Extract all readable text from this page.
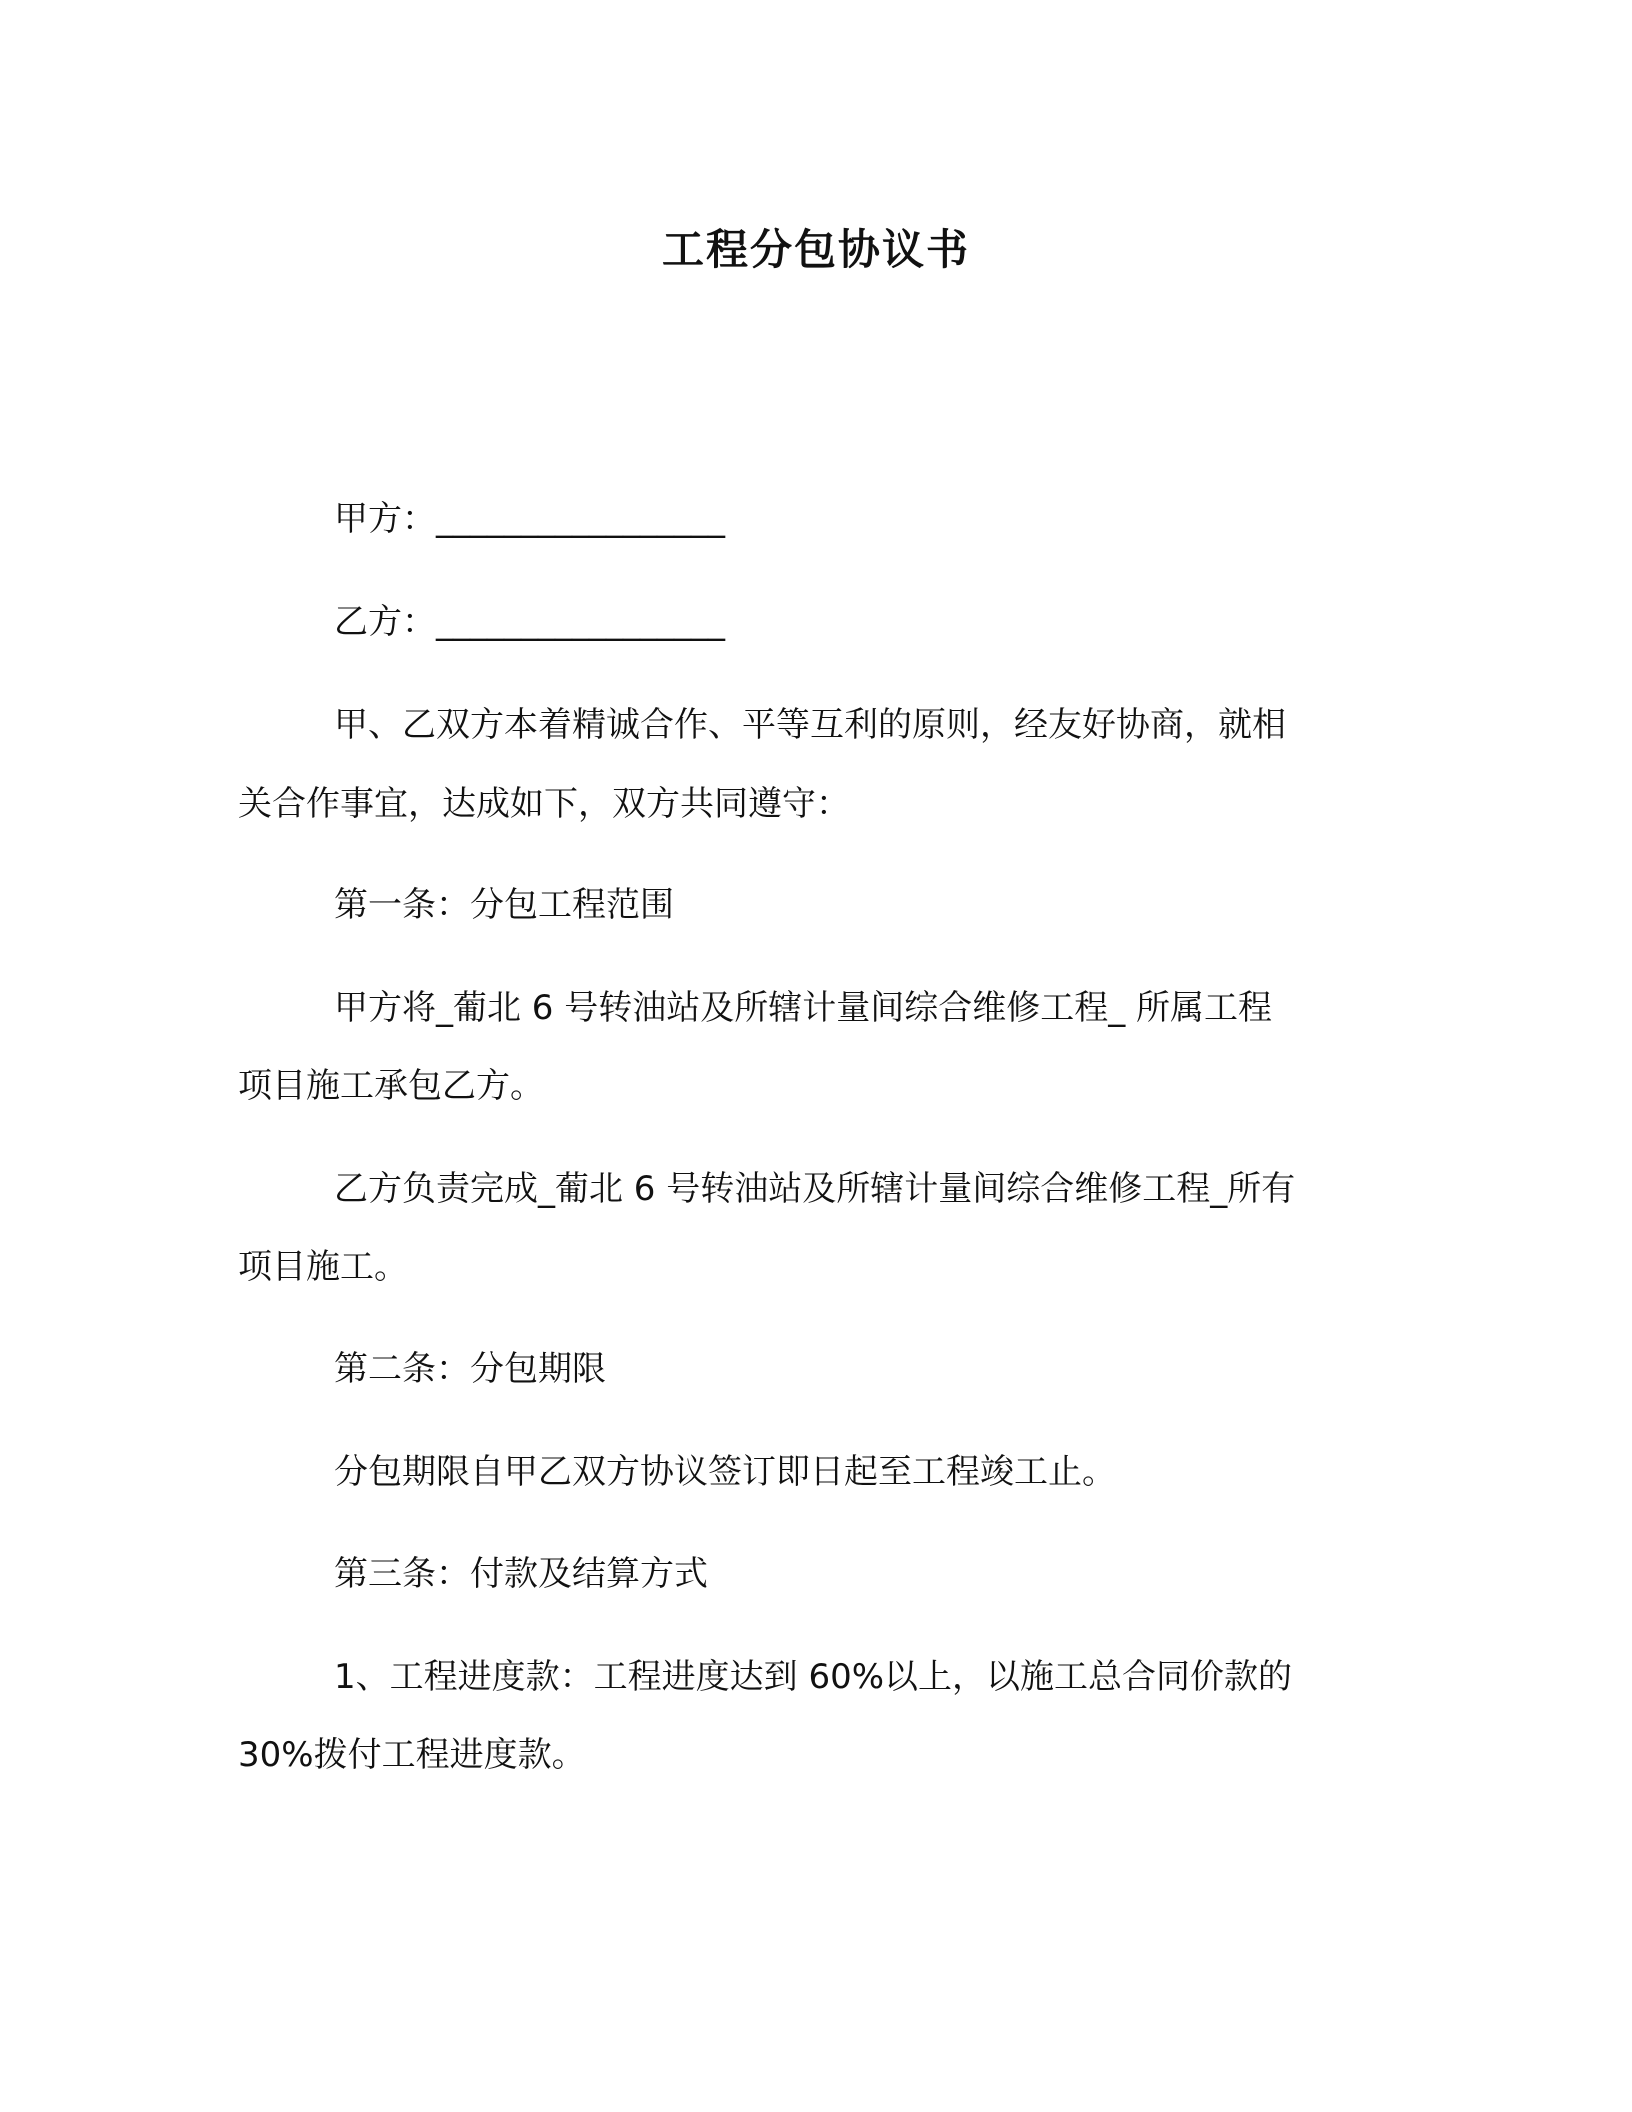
工程分包协议书
甲方：_________________
乙方：_________________
甲、乙双方本着精诚合作、平等互利的原则，经友好协商，就相
关合作事宜，达成如下，双方共同遵守：
第一条：分包工程范围
甲方将_葡北 6 号转油站及所辖计量间综合维修工程_ 所属工程
项目施工承包乙方。
乙方负责完成_葡北 6 号转油站及所辖计量间综合维修工程_所有
项目施工。
第二条：分包期限
分包期限自甲乙双方协议签订即日起至工程竣工止。
第三条：付款及结算方式
1、工程进度款：工程进度达到 60%以上，以施工总合同价款的
30%拨付工程进度款。
